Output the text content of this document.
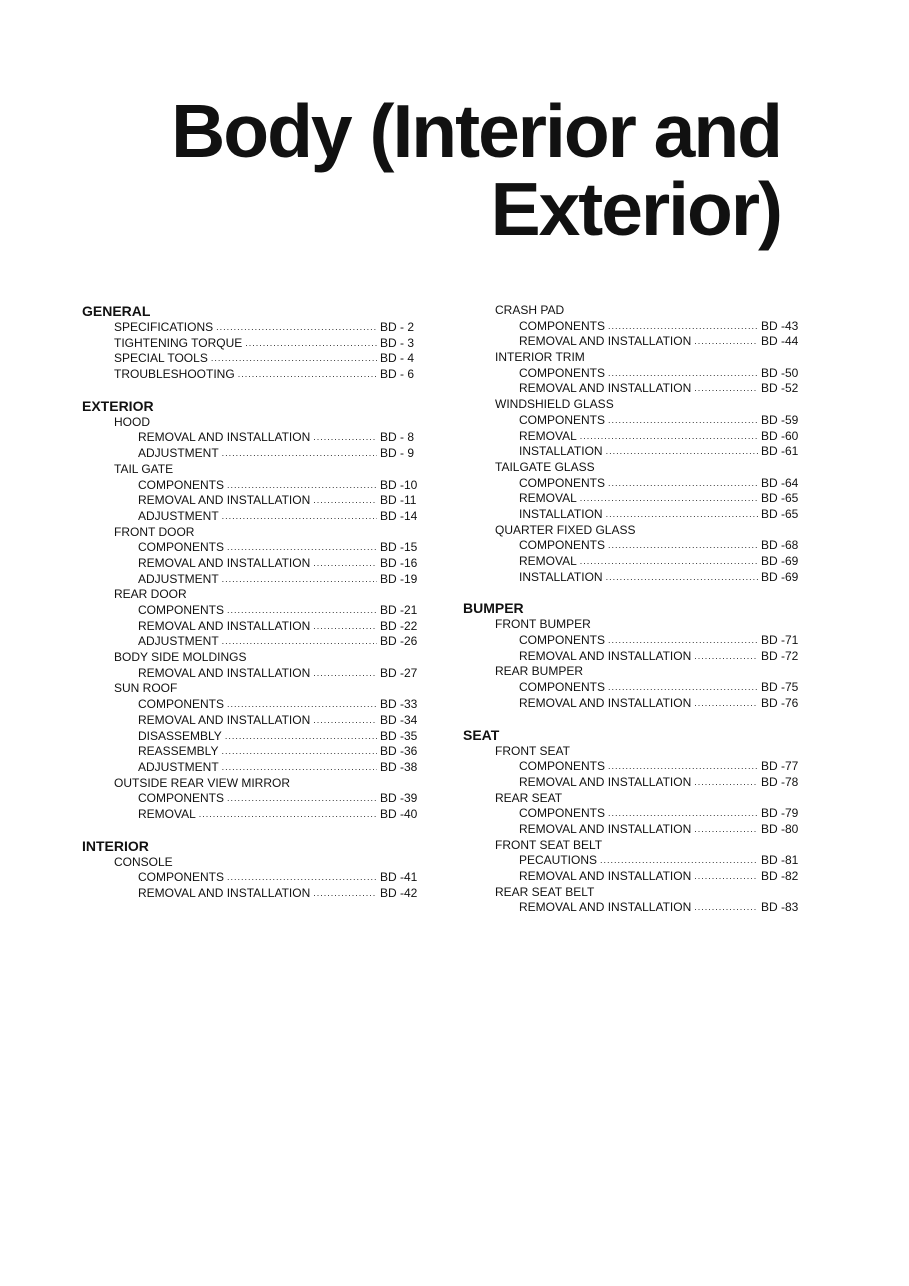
Body (Interior and
Exterior)
GENERAL
SPECIFICATIONS .....	BD - 2
TIGHTENING TORQUE .....	BD - 3
SPECIAL TOOLS .....	BD - 4
TROUBLESHOOTING .....	BD - 6
EXTERIOR
HOOD
REMOVAL AND INSTALLATION .....	BD - 8
ADJUSTMENT .....	BD - 9
TAIL GATE
COMPONENTS .....	BD -10
REMOVAL AND INSTALLATION .....	BD -11
ADJUSTMENT .....	BD -14
FRONT DOOR
COMPONENTS .....	BD -15
REMOVAL AND INSTALLATION .....	BD -16
ADJUSTMENT .....	BD -19
REAR DOOR
COMPONENTS .....	BD -21
REMOVAL AND INSTALLATION .....	BD -22
ADJUSTMENT .....	BD -26
BODY SIDE MOLDINGS
REMOVAL AND INSTALLATION .....	BD -27
SUN ROOF
COMPONENTS .....	BD -33
REMOVAL AND INSTALLATION .....	BD -34
DISASSEMBLY .....	BD -35
REASSEMBLY .....	BD -36
ADJUSTMENT .....	BD -38
OUTSIDE REAR VIEW MIRROR
COMPONENTS .....	BD -39
REMOVAL .....	BD -40
INTERIOR
CONSOLE
COMPONENTS .....	BD -41
REMOVAL AND INSTALLATION .....	BD -42
CRASH PAD
COMPONENTS .....	BD -43
REMOVAL AND INSTALLATION .....	BD -44
INTERIOR TRIM
COMPONENTS .....	BD -50
REMOVAL AND INSTALLATION .....	BD -52
WINDSHIELD GLASS
COMPONENTS .....	BD -59
REMOVAL .....	BD -60
INSTALLATION .....	BD -61
TAILGATE GLASS
COMPONENTS .....	BD -64
REMOVAL .....	BD -65
INSTALLATION .....	BD -65
QUARTER FIXED GLASS
COMPONENTS .....	BD -68
REMOVAL .....	BD -69
INSTALLATION .....	BD -69
BUMPER
FRONT BUMPER
COMPONENTS .....	BD -71
REMOVAL AND INSTALLATION .....	BD -72
REAR BUMPER
COMPONENTS .....	BD -75
REMOVAL AND INSTALLATION .....	BD -76
SEAT
FRONT SEAT
COMPONENTS .....	BD -77
REMOVAL AND INSTALLATION .....	BD -78
REAR SEAT
COMPONENTS .....	BD -79
REMOVAL AND INSTALLATION .....	BD -80
FRONT SEAT BELT
PECAUTIONS .....	BD -81
REMOVAL AND INSTALLATION .....	BD -82
REAR SEAT BELT
REMOVAL AND INSTALLATION .....	BD -83
